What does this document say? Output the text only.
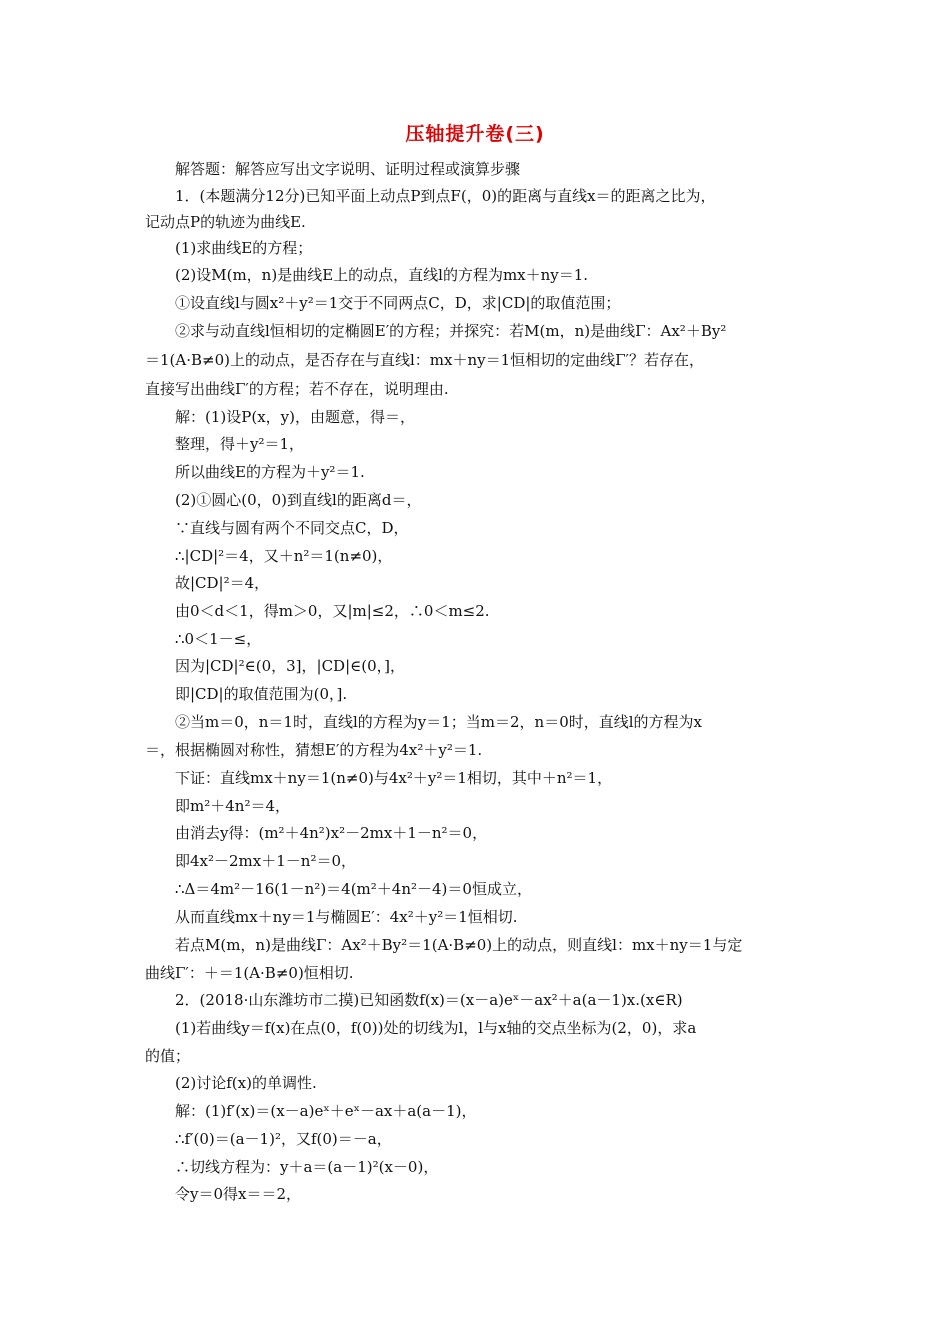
压轴提升卷(三)
解答题：解答应写出文字说明、证明过程或演算步骤
1．(本题满分12分)已知平面上动点P到点F(，0)的距离与直线x＝的距离之比为，
记动点P的轨迹为曲线E.
(1)求曲线E的方程；
(2)设M(m，n)是曲线E上的动点，直线l的方程为mx＋ny＝1.
①设直线l与圆x²＋y²＝1交于不同两点C，D，求|CD|的取值范围；
②求与动直线l恒相切的定椭圆E′的方程；并探究：若M(m，n)是曲线Γ：Ax²＋By²
＝1(A·B≠0)上的动点，是否存在与直线l：mx＋ny＝1恒相切的定曲线Γ′？若存在，
直接写出曲线Γ′的方程；若不存在，说明理由.
解：(1)设P(x，y)，由题意，得＝，
整理，得＋y²＝1，
所以曲线E的方程为＋y²＝1.
(2)①圆心(0，0)到直线l的距离d＝，
∵直线与圆有两个不同交点C，D，
∴|CD|²＝4，又＋n²＝1(n≠0)，
故|CD|²＝4，
由0＜d＜1，得m＞0，又|m|≤2，∴0＜m≤2.
∴0＜1－≤，
因为|CD|²∈(0，3]，|CD|∈(0，]，
即|CD|的取值范围为(0，].
②当m＝0，n＝1时，直线l的方程为y＝1；当m＝2，n＝0时，直线l的方程为x
＝，根据椭圆对称性，猜想E′的方程为4x²＋y²＝1.
下证：直线mx＋ny＝1(n≠0)与4x²＋y²＝1相切，其中＋n²＝1，
即m²＋4n²＝4，
由消去y得：(m²＋4n²)x²－2mx＋1－n²＝0，
即4x²－2mx＋1－n²＝0，
∴Δ＝4m²－16(1－n²)＝4(m²＋4n²－4)＝0恒成立，
从而直线mx＋ny＝1与椭圆E′：4x²＋y²＝1恒相切.
若点M(m，n)是曲线Γ：Ax²＋By²＝1(A·B≠0)上的动点，则直线l：mx＋ny＝1与定
曲线Γ′：＋＝1(A·B≠0)恒相切.
2．(2018·山东潍坊市二摸)已知函数f(x)＝(x－a)eˣ－ax²＋a(a－1)x.(x∈R)
(1)若曲线y＝f(x)在点(0，f(0))处的切线为l，l与x轴的交点坐标为(2，0)，求a
的值；
(2)讨论f(x)的单调性.
解：(1)f′(x)＝(x－a)eˣ＋eˣ－ax＋a(a－1)，
∴f′(0)＝(a－1)²，又f(0)＝－a，
∴切线方程为：y＋a＝(a－1)²(x－0)，
令y＝0得x＝＝2，
